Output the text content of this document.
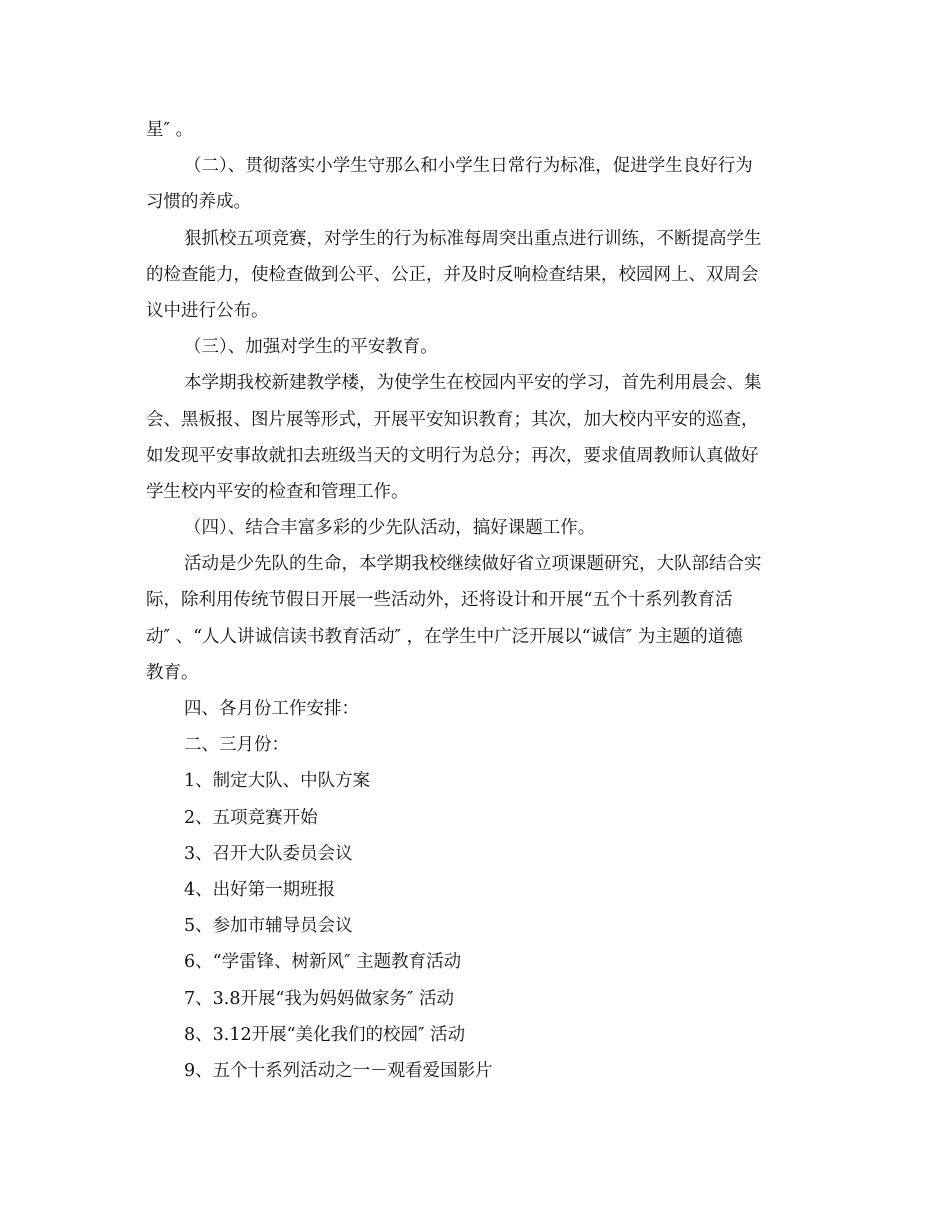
星″ 。
（二）、贯彻落实小学生守那么和小学生日常行为标准，促进学生良好行为
习惯的养成。
狠抓校五项竞赛，对学生的行为标准每周突出重点进行训练，不断提高学生
的检查能力，使检查做到公平、公正，并及时反响检查结果，校园网上、双周会
议中进行公布。
（三）、加强对学生的平安教育。
本学期我校新建教学楼，为使学生在校园内平安的学习，首先利用晨会、集
会、黑板报、图片展等形式，开展平安知识教育；其次，加大校内平安的巡查，
如发现平安事故就扣去班级当天的文明行为总分；再次，要求值周教师认真做好
学生校内平安的检查和管理工作。
（四）、结合丰富多彩的少先队活动，搞好课题工作。
活动是少先队的生命，本学期我校继续做好省立项课题研究，大队部结合实
际，除利用传统节假日开展一些活动外，还将设计和开展“五个十系列教育活
动″ 、“人人讲诚信读书教育活动″ ，在学生中广泛开展以“诚信″ 为主题的道德
教育。
四、各月份工作安排：
二、三月份：
1、制定大队、中队方案
2、五项竞赛开始
3、召开大队委员会议
4、出好第一期班报
5、参加市辅导员会议
6、“学雷锋、树新风″ 主题教育活动
7、3.8开展“我为妈妈做家务″ 活动
8、3.12开展“美化我们的校园″ 活动
9、五个十系列活动之一－观看爱国影片
